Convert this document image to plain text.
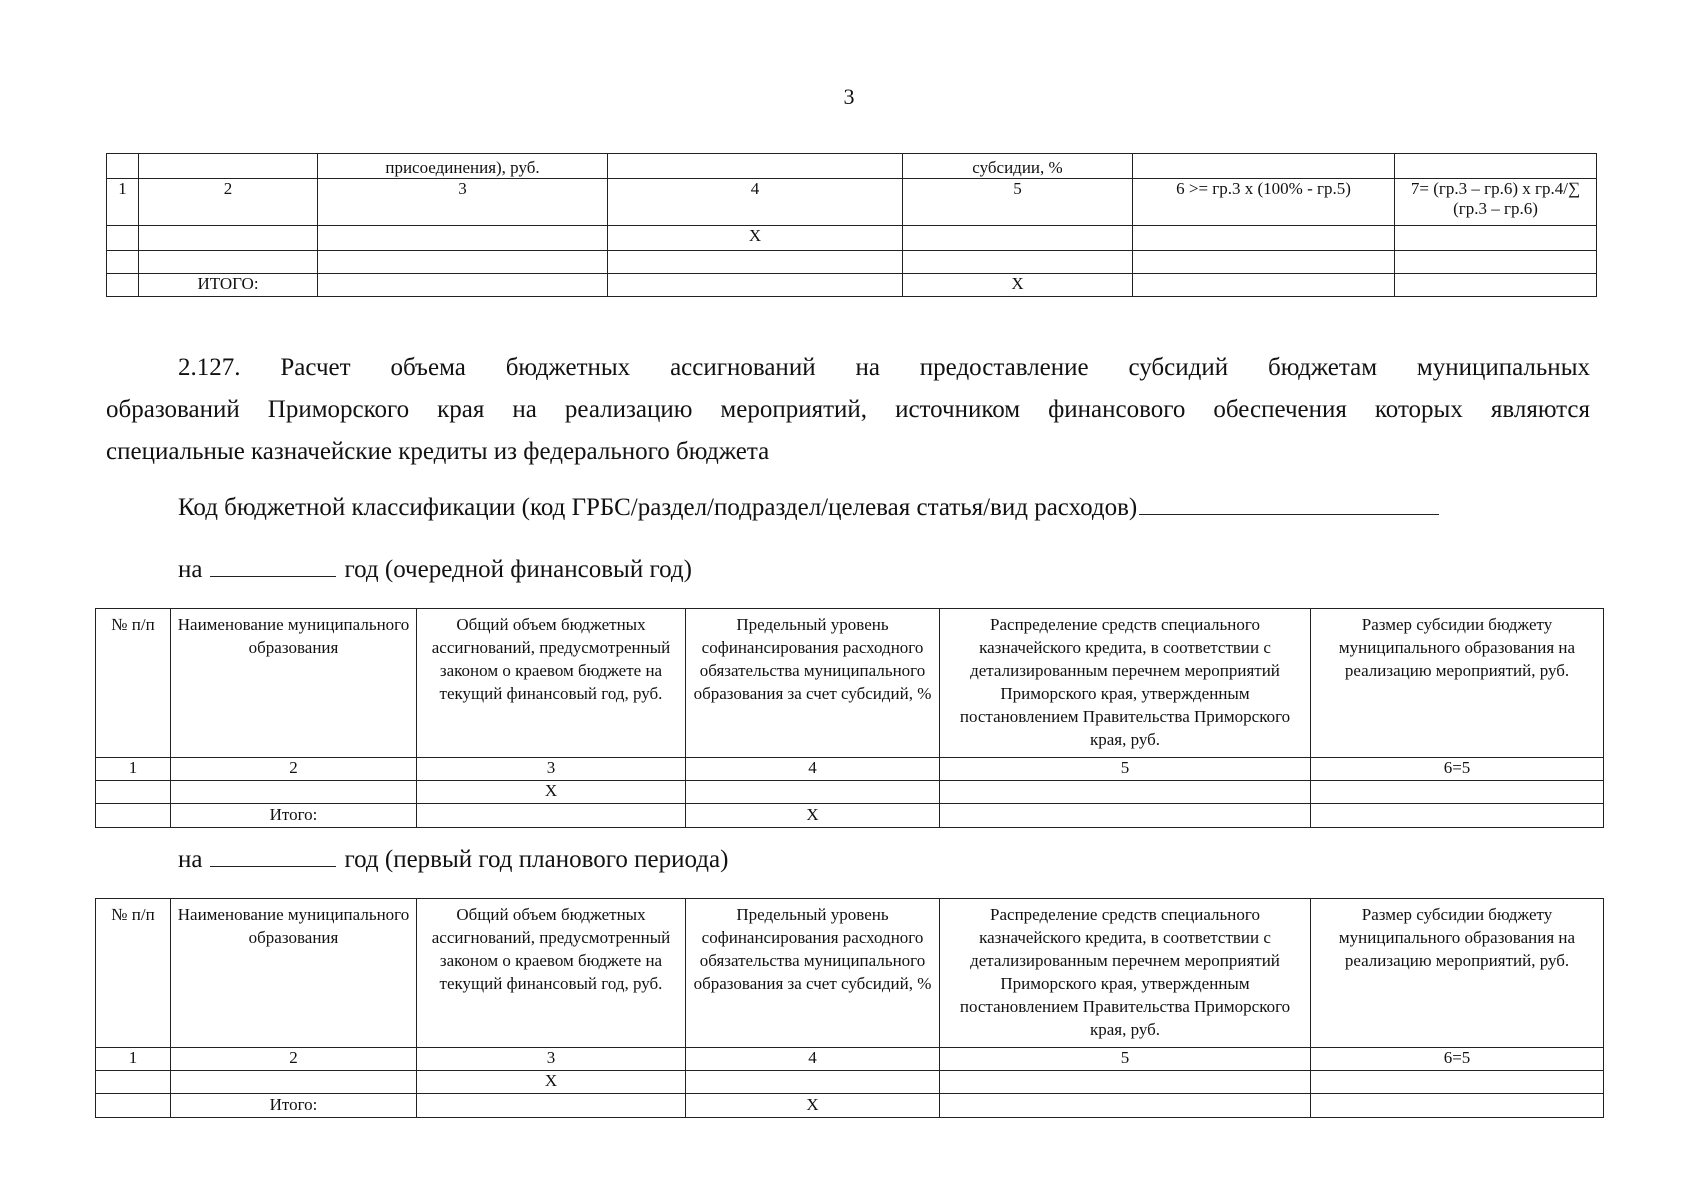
3
		присоединения), руб.		субсидии, %		
1	2	3	4	5	6 >= гр.3 х (100% - гр.5)	7= (гр.3 – гр.6) х гр.4/∑ (гр.3 – гр.6)
			X			

	ИТОГО:			X		
2.127. Расчет объема бюджетных ассигнований на предоставление субсидий бюджетам муниципальных
образований Приморского края на реализацию мероприятий, источником финансового обеспечения которых являются
специальные казначейские кредиты из федерального бюджета
Код бюджетной классификации (код ГРБС/раздел/подраздел/целевая статья/вид расходов)
на	год (очередной финансовый год)
№ п/п	Наименование муниципального образования	Общий объем бюджетных ассигнований, предусмотренный законом о краевом бюджете на текущий финансовый год, руб.	Предельный уровень софинансирования расходного обязательства муниципального образования за счет субсидий, %	Распределение средств специального казначейского кредита, в соответствии с детализированным перечнем мероприятий Приморского края, утвержденным постановлением Правительства Приморского края, руб.	Размер субсидии бюджету муниципального образования на реализацию мероприятий, руб.
1	2	3	4	5	6=5
		X			
	Итого:		X		
на	год (первый год планового периода)
№ п/п	Наименование муниципального образования	Общий объем бюджетных ассигнований, предусмотренный законом о краевом бюджете на текущий финансовый год, руб.	Предельный уровень софинансирования расходного обязательства муниципального образования за счет субсидий, %	Распределение средств специального казначейского кредита, в соответствии с детализированным перечнем мероприятий Приморского края, утвержденным постановлением Правительства Приморского края, руб.	Размер субсидии бюджету муниципального образования на реализацию мероприятий, руб.
1	2	3	4	5	6=5
		X			
	Итого:		X		
